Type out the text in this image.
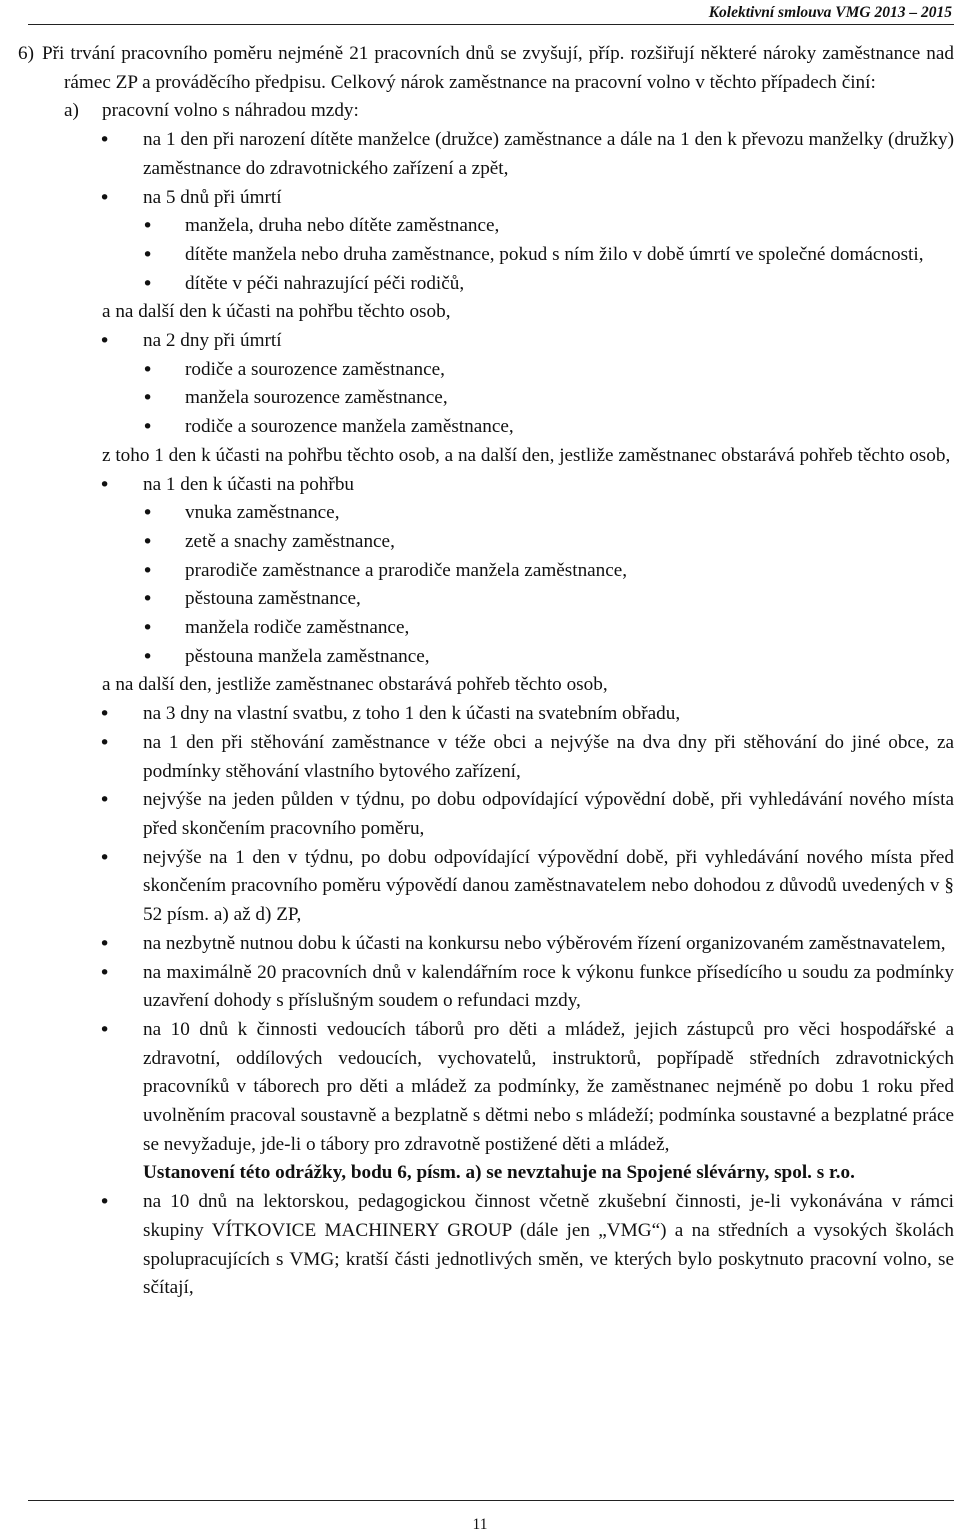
Kolektivní smlouva VMG 2013 – 2015

6) Při trvání pracovního poměru nejméně 21 pracovních dnů se zvyšují, příp. rozšiřují některé nároky zaměstnance nad rámec ZP a prováděcího předpisu. Celkový nárok zaměstnance na pracovní volno v těchto případech činí:

a) pracovní volno s náhradou mzdy:

• na 1 den při narození dítěte manželce (družce) zaměstnance a dále na 1 den k převozu manželky (družky) zaměstnance do zdravotnického zařízení a zpět,

• na 5 dnů při úmrtí

• manžela, druha nebo dítěte zaměstnance,

• dítěte manžela nebo druha zaměstnance, pokud s ním žilo v době úmrtí ve společné domácnosti,

• dítěte v péči nahrazující péči rodičů,

a na další den k účasti na pohřbu těchto osob,

• na 2 dny při úmrtí

• rodiče a sourozence zaměstnance,

• manžela sourozence zaměstnance,

• rodiče a sourozence manžela zaměstnance,

z toho 1 den k účasti na pohřbu těchto osob, a na další den, jestliže zaměstnanec obstarává pohřeb těchto osob,

• na 1 den k účasti na pohřbu

• vnuka zaměstnance,

• zetě a snachy zaměstnance,

• prarodiče zaměstnance a prarodiče manžela zaměstnance,

• pěstouna zaměstnance,

• manžela rodiče zaměstnance,

• pěstouna manžela zaměstnance,

a na další den, jestliže zaměstnanec obstarává pohřeb těchto osob,

• na 3 dny na vlastní svatbu, z toho 1 den k účasti na svatebním obřadu,

• na 1 den při stěhování zaměstnance v téže obci a nejvýše na dva dny při stěhování do jiné obce, za podmínky stěhování vlastního bytového zařízení,

• nejvýše na jeden půlden v týdnu, po dobu odpovídající výpovědní době, při vyhledávání nového místa před skončením pracovního poměru,

• nejvýše na 1 den v týdnu, po dobu odpovídající výpovědní době, při vyhledávání nového místa před skončením pracovního poměru výpovědí danou zaměstnavatelem nebo dohodou z důvodů uvedených v § 52 písm. a) až d) ZP,

• na nezbytně nutnou dobu k účasti na konkursu nebo výběrovém řízení organizovaném zaměstnavatelem,

• na maximálně 20 pracovních dnů v kalendářním roce k výkonu funkce přísedícího u soudu za podmínky uzavření dohody s příslušným soudem o refundaci mzdy,

• na 10 dnů k činnosti vedoucích táborů pro děti a mládež, jejich zástupců pro věci hospodářské a zdravotní, oddílových vedoucích, vychovatelů, instruktorů, popřípadě středních zdravotnických pracovníků v táborech pro děti a mládež za podmínky, že zaměstnanec nejméně po dobu 1 roku před uvolněním pracoval soustavně a bezplatně s dětmi nebo s mládeží; podmínka soustavné a bezplatné práce se nevyžaduje, jde-li o tábory pro zdravotně postižené děti a mládež,

Ustanovení této odrážky, bodu 6, písm. a) se nevztahuje na Spojené slévárny, spol. s r.o.

• na 10 dnů na lektorskou, pedagogickou činnost včetně zkušební činnosti, je-li vykonávána v rámci skupiny VÍTKOVICE MACHINERY GROUP (dále jen „VMG“) a na středních a vysokých školách spolupracujících s VMG; kratší části jednotlivých směn, ve kterých bylo poskytnuto pracovní volno, se sčítají,

11
